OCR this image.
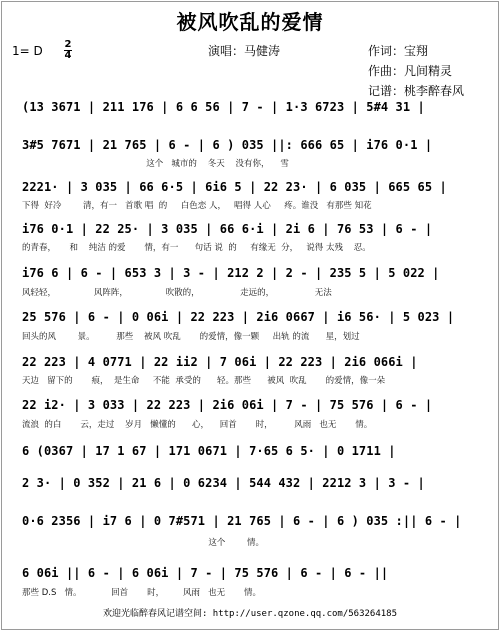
被风吹乱的爱情
1= D 2
4	演唱：马健涛	作词：宝翔
作曲：凡间精灵
记谱：桃李醉春风
(13 3671 | 211 176 | 6 6 56 | 7 - | 1·3 6723 | 5#4 31 |
3#5 7671 | 21 765 | 6 - | 6 ) 035 ||: 666 65 | i76 0·1 |
这个   城市的    冬天    没有你，    雪
2221· | 3 035 | 66 6·5 | 6i6 5 | 22 23· | 6 035 | 665 65 |
下得  好冷        清，有一   首歌 唱  的     白色恋 人，   唱得 人心     疼。谁没   有那些 知花
i76 0·1 | 22 25· | 3 035 | 66 6·i | 2i 6 | 76 53 | 6 - |
的青春，     和    纯洁 的爱       情，有一      句话 说  的     有缘无  分，   说得 太残    忍。
i76 6 | 6 - | 653 3 | 3 - | 212 2 | 2 - | 235 5 | 5 022 |
风轻轻，              风阵阵，              吹散的，               走远的，               无法
25 576 | 6 - | 0 06i | 22 223 | 2i6 0667 | i6 56· | 5 023 |
回头的风        景。        那些    被风 吹乱       的爱情，像一颗     出轨 的流      星，划过
22 223 | 4 0771 | 22 ii2 | 7 06i | 22 223 | 2i6 066i |
天边   留下的       痕，  是生命     不能  承受的      轻。那些      被风  吹乱       的爱情，像一朵
22 i2· | 3 033 | 22 223 | 2i6 06i | 7 - | 75 576 | 6 - |
流浪  的白       云，走过    岁月   懒懂的      心，    回首       时，        风雨   也无       情。
6 (0367 | 17 1 67 | 171 0671 | 7·65 6 5· | 0 1711 |
2 3· | 0 352 | 21 6 | 0 6234 | 544 432 | 2212 3 | 3 - |
0·6 2356 | i7 6 | 0 7#571 | 21 765 | 6 - | 6 ) 035 :|| 6 - |
这个        情。
6 06i || 6 - | 6 06i | 7 - | 75 576 | 6 - | 6 - ||
那些 D.S   情。           回首       时，       风雨   也无       情。
欢迎光临醉春风记谱空间: http://user.qzone.qq.com/563264185
